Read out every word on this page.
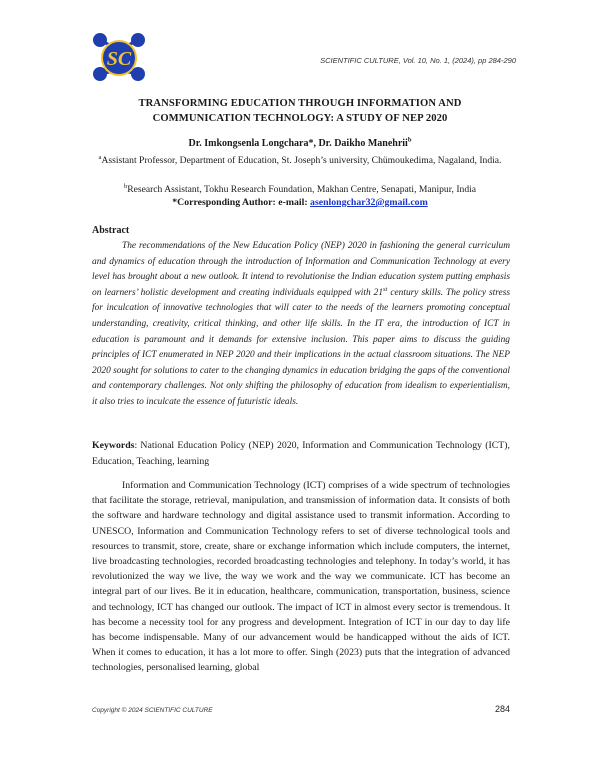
SC	SCIENTIFIC CULTURE, Vol. 10, No. 1, (2024), pp 284-290
TRANSFORMING EDUCATION THROUGH INFORMATION AND
COMMUNICATION TECHNOLOGY: A STUDY OF NEP 2020
Dr. Imkongsenla Longchara*, Dr. Daikho Manehrii$^b$
$^a$Assistant Professor, Department of Education, St. Joseph’s university, Chümoukedima, Nagaland, India.
$^b$Research Assistant, Tokhu Research Foundation, Makhan Centre, Senapati, Manipur, India
*Corresponding Author: e-mail: asenlongchar32@gmail.com
Abstract

The recommendations of the New Education Policy (NEP) 2020 in fashioning the general curriculum and dynamics of education through the introduction of Information and Communication Technology at every level has brought about a new outlook. It intend to revolutionise the Indian education system putting emphasis on learners’ holistic development and creating individuals equipped with 21st century skills. The policy stress for inculcation of innovative technologies that will cater to the needs of the learners promoting conceptual understanding, creativity, critical thinking, and other life skills. In the IT era, the introduction of ICT in education is paramount and it demands for extensive inclusion. This paper aims to discuss the guiding principles of ICT enumerated in NEP 2020 and their implications in the actual classroom situations. The NEP 2020 sought for solutions to cater to the changing dynamics in education bridging the gaps of the conventional and contemporary challenges. Not only shifting the philosophy of education from idealism to experientialism, it also tries to inculcate the essence of futuristic ideals.

Keywords: National Education Policy (NEP) 2020, Information and Communication Technology (ICT), Education, Teaching, learning

Information and Communication Technology (ICT) comprises of a wide spectrum of technologies that facilitate the storage, retrieval, manipulation, and transmission of information data. It consists of both the software and hardware technology and digital assistance used to transmit information. According to UNESCO, Information and Communication Technology refers to set of diverse technological tools and resources to transmit, store, create, share or exchange information which include computers, the internet, live broadcasting technologies, recorded broadcasting technologies and telephony. In today’s world, it has revolutionized the way we live, the way we work and the way we communicate. ICT has become an integral part of our lives. Be it in education, healthcare, communication, transportation, business, science and technology, ICT has changed our outlook. The impact of ICT in almost every sector is tremendous. It has become a necessity tool for any progress and development. Integration of ICT in our day to day life has become indispensable. Many of our advancement would be handicapped without the aids of ICT. When it comes to education, it has a lot more to offer. Singh (2023) puts that the integration of advanced technologies, personalised learning, global

Copyright © 2024 SCIENTIFIC CULTURE	284
